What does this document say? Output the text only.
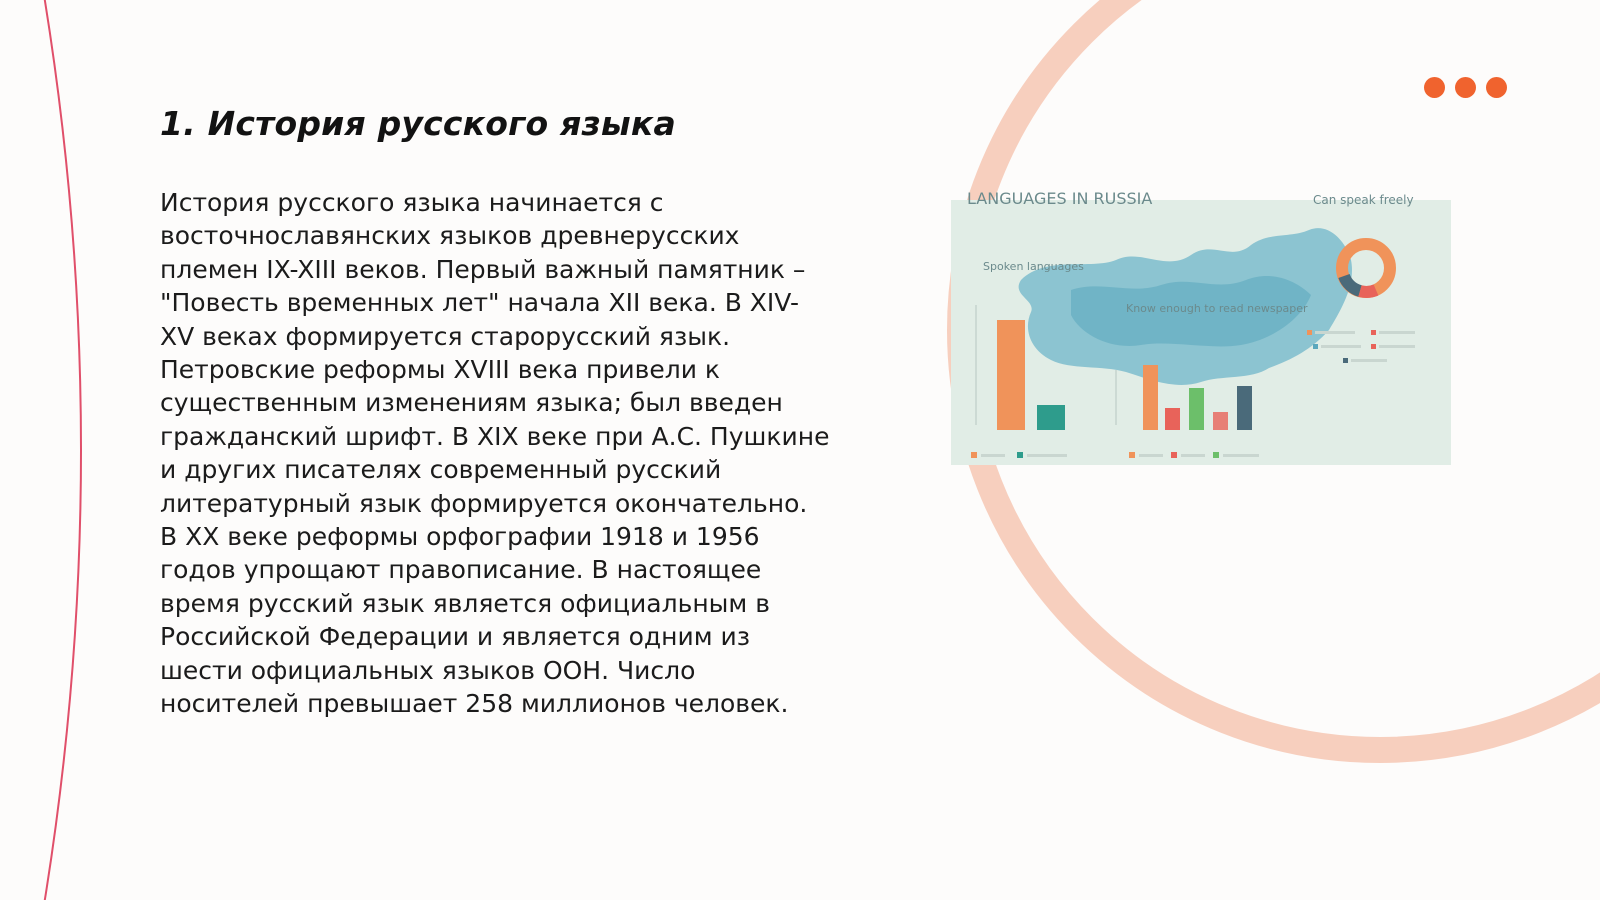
1. История русского языка

История русского языка начинается с
восточнославянских языков древнерусских
племен IX-XIII веков. Первый важный памятник –
"Повесть временных лет" начала XII века. В XIV-
XV веках формируется старорусский язык.
Петровские реформы XVIII века привели к
существенным изменениям языка; был введен
гражданский шрифт. В XIX веке при А.С. Пушкине
и других писателях современный русский
литературный язык формируется окончательно.
В XX веке реформы орфографии 1918 и 1956
годов упрощают правописание. В настоящее
время русский язык является официальным в
Российской Федерации и является одним из
шести официальных языков ООН. Число
носителей превышает 258 миллионов человек.

LANGUAGES IN RUSSIA	Can speak freely
Spoken languages
Know enough to read newspaper
